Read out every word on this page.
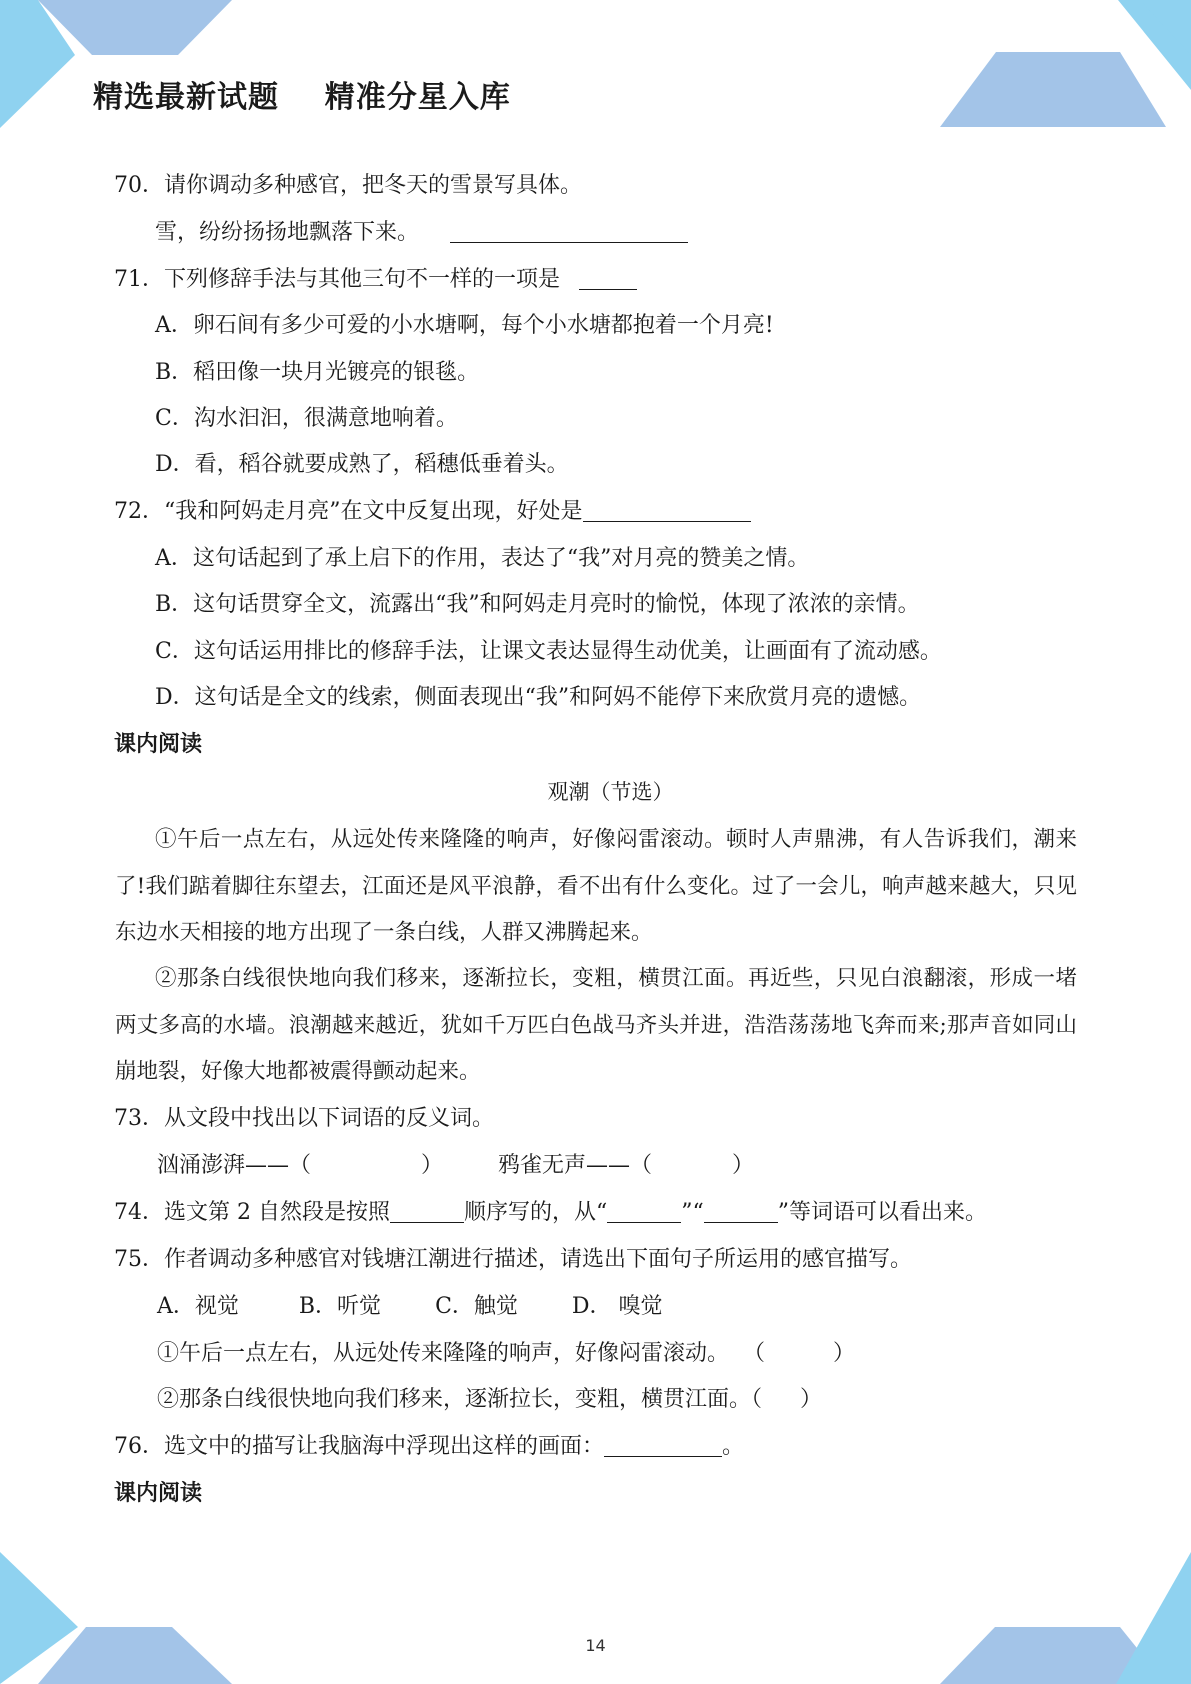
精选最新试题    精准分星入库
70．请你调动多种感官，把冬天的雪景写具体。
雪，纷纷扬扬地飘落下来。
71．下列修辞手法与其他三句不一样的一项是
A．卵石间有多少可爱的小水塘啊，每个小水塘都抱着一个月亮!
B．稻田像一块月光镀亮的银毯。
C．沟水汩汩，很满意地响着。
D．看，稻谷就要成熟了，稻穗低垂着头。
72．“我和阿妈走月亮”在文中反复出现，好处是
A．这句话起到了承上启下的作用，表达了“我”对月亮的赞美之情。
B．这句话贯穿全文，流露出“我”和阿妈走月亮时的愉悦，体现了浓浓的亲情。
C．这句话运用排比的修辞手法，让课文表达显得生动优美，让画面有了流动感。
D．这句话是全文的线索，侧面表现出“我”和阿妈不能停下来欣赏月亮的遗憾。
课内阅读
观潮（节选）
①午后一点左右，从远处传来隆隆的响声，好像闷雷滚动。顿时人声鼎沸，有人告诉我们，潮来了!我们踮着脚往东望去，江面还是风平浪静，看不出有什么变化。过了一会儿，响声越来越大，只见东边水天相接的地方出现了一条白线，人群又沸腾起来。
②那条白线很快地向我们移来，逐渐拉长，变粗，横贯江面。再近些，只见白浪翻滚，形成一堵两丈多高的水墙。浪潮越来越近，犹如千万匹白色战马齐头并进，浩浩荡荡地飞奔而来;那声音如同山崩地裂，好像大地都被震得颤动起来。
73．从文段中找出以下词语的反义词。
汹涌澎湃——（	） 鸦雀无声——（	）
74．选文第 2 自然段是按照	顺序写的，从“	”“	”等词语可以看出来。
75．作者调动多种感官对钱塘江潮进行描述，请选出下面句子所运用的感官描写。
A．视觉	B．听觉 C．触觉 D． 嗅觉
①午后一点左右，从远处传来隆隆的响声，好像闷雷滚动。 （	）
②那条白线很快地向我们移来，逐渐拉长，变粗，横贯江面。（ ）
76．选文中的描写让我脑海中浮现出这样的画面：	。
课内阅读
14
